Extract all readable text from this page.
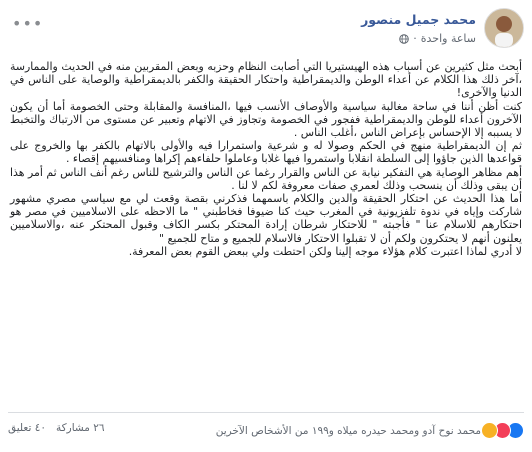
محمد جميل منصور
ساعة واحدة
·
•••

أبحث مثل كثيرين عن أسباب هذه الهيستيريا التي أصابت النظام وحزبه وبعض المقربين منه في الحديث والممارسة ،آخر ذلك هذا الكلام عن أعداء الوطن والديمقراطية واحتكار الحقيقة والكفر بالديمقراطية والوصاية على الناس في الدنيا والآخرى!

كنت أظن أننا في ساحة مغالبة سياسية والأوصاف الأنسب فيها ،المنافسة والمقابلة وحتى الخصومة أما أن يكون الآخرون أعداء للوطن والديمقراطية ففجور في الخصومة وتجاوز في الاتهام وتعبير عن مستوى من الارتباك والتخبط لا يسببه إلا الإحساس بإعراض الناس ،أغلب الناس .

ثم إن الديمقراطية منهج في الحكم وصولا له و شرعية واستمرارا فيه والأولى بالاتهام بالكفر بها والخروج على قواعدها الذين جاؤوا إلى السلطة انقلابا واستمروا فيها غلابا وعاملوا حلفاءهم إكراها ومنافسيهم إقصاء .

أهم مظاهر الوصاية هي التفكير نيابة عن الناس والقرار رغما عن الناس والترشيح للناس رغم أنف الناس ثم أمر هذا أن يبقى وذلك أن ينسحب وذلك لعمري صفات معروفة لكم لا لنا .

أما هذا الحديث عن احتكار الحقيقة والدين والكلام باسمهما فذكرني بقصة وقعت لي مع سياسي مصري مشهور شاركت وإياه في ندوة تلفزيونية في المغرب حيث كنا ضيوفا فخاطبني " ما الاحظه على الاسلاميين في مصر هو احتكارهم للاسلام عنا " فأجبته " للاحتكار شرطان إرادة المحتكر بكسر الكاف وقبول المحتكر عنه ،والاسلاميين يعلنون أنهم لا يحتكرون ولكم أن لا تقبلوا الاحتكار فالاسلام للجميع و متاح للجميع "

لا أدري لماذا اعتبرت كلام هؤلاء موجه إلينا ولكن احتطت ولي ببعض القوم بعض المعرفة.

محمد نوح آدو ومحمد حيدره ميلاه و١٩٩ من الأشخاص الآخرين
٢٦ مشاركة
٤٠ تعليق
